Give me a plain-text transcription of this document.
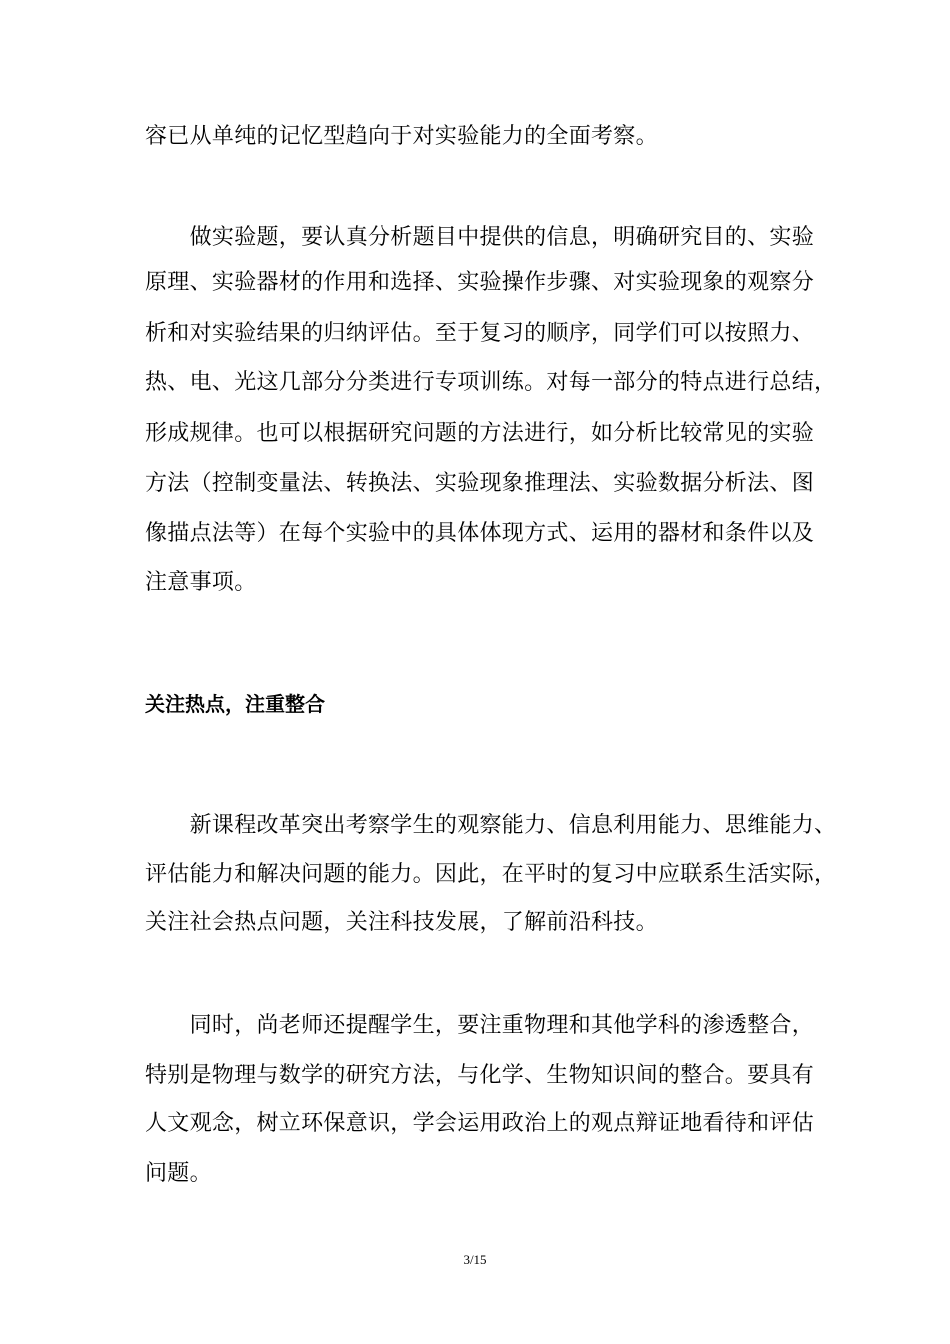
容已从单纯的记忆型趋向于对实验能力的全面考察。
　　做实验题，要认真分析题目中提供的信息，明确研究目的、实验
原理、实验器材的作用和选择、实验操作步骤、对实验现象的观察分
析和对实验结果的归纳评估。至于复习的顺序，同学们可以按照力、
热、电、光这几部分分类进行专项训练。对每一部分的特点进行总结，
形成规律。也可以根据研究问题的方法进行，如分析比较常见的实验
方法（控制变量法、转换法、实验现象推理法、实验数据分析法、图
像描点法等）在每个实验中的具体体现方式、运用的器材和条件以及
注意事项。
关注热点，注重整合
　　新课程改革突出考察学生的观察能力、信息利用能力、思维能力、
评估能力和解决问题的能力。因此，在平时的复习中应联系生活实际，
关注社会热点问题，关注科技发展，了解前沿科技。
　　同时，尚老师还提醒学生，要注重物理和其他学科的渗透整合，
特别是物理与数学的研究方法，与化学、生物知识间的整合。要具有
人文观念，树立环保意识，学会运用政治上的观点辩证地看待和评估
问题。
3/15
